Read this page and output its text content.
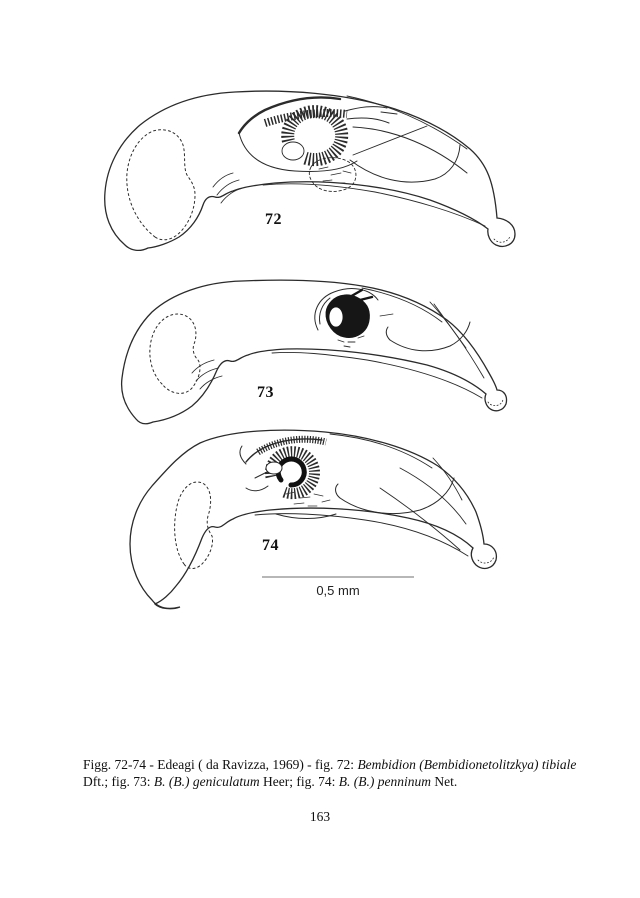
72
73
74
0,5 mm
Figg. 72-74 - Edeagi ( da Ravizza, 1969) - fig. 72: Bembidion (Bembidionetolitzkya) tibiale
Dft.; fig. 73: B. (B.) geniculatum Heer; fig. 74: B. (B.) penninum Net.
163
